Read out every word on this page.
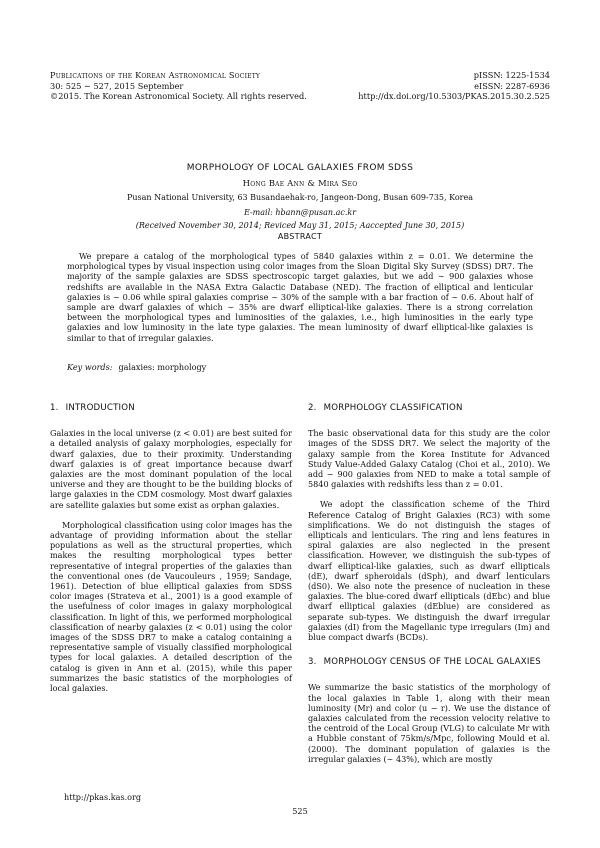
Publications of the Korean Astronomical Society
30: 525 ∼ 527, 2015 September
©2015. The Korean Astronomical Society. All rights reserved.
pISSN: 1225-1534
eISSN: 2287-6936
http://dx.doi.org/10.5303/PKAS.2015.30.2.525
MORPHOLOGY OF LOCAL GALAXIES FROM SDSS
Hong Bae Ann & Mira Seo
Pusan National University, 63 Busandaehak-ro, Jangeon-Dong, Busan 609-735, Korea
E-mail: hbann@pusan.ac.kr
(Received November 30, 2014; Reviced May 31, 2015; Aaccepted June 30, 2015)
ABSTRACT
We prepare a catalog of the morphological types of 5840 galaxies within z = 0.01. We determine the morphological types by visual inspection using color images from the Sloan Digital Sky Survey (SDSS) DR7. The majority of the sample galaxies are SDSS spectroscopic target galaxies, but we add ∼ 900 galaxies whose redshifts are available in the NASA Extra Galactic Database (NED). The fraction of elliptical and lenticular galaxies is ∼ 0.06 while spiral galaxies comprise ∼ 30% of the sample with a bar fraction of ∼ 0.6. About half of sample are dwarf galaxies of which ∼ 35% are dwarf elliptical-like galaxies. There is a strong correlation between the morphological types and luminosities of the galaxies, i.e., high luminosities in the early type galaxies and low luminosity in the late type galaxies. The mean luminosity of dwarf elliptical-like galaxies is similar to that of irregular galaxies.
Key words: galaxies: morphology
1. INTRODUCTION

Galaxies in the local universe (z < 0.01) are best suited for a detailed analysis of galaxy morphologies, especially for dwarf galaxies, due to their proximity. Understanding dwarf galaxies is of great importance because dwarf galaxies are the most dominant population of the local universe and they are thought to be the building blocks of large galaxies in the CDM cosmology. Most dwarf galaxies are satellite galaxies but some exist as orphan galaxies.

Morphological classification using color images has the advantage of providing information about the stellar populations as well as the structural properties, which makes the resulting morphological types better representative of integral properties of the galaxies than the conventional ones (de Vaucouleurs , 1959; Sandage, 1961). Detection of blue elliptical galaxies from SDSS color images (Strateva et al., 2001) is a good example of the usefulness of color images in galaxy morphological classification. In light of this, we performed morphological classification of nearby galaxies (z < 0.01) using the color images of the SDSS DR7 to make a catalog containing a representative sample of visually classified morphological types for local galaxies. A detailed description of the catalog is given in Ann et al. (2015), while this paper summarizes the basic statistics of the morphologies of local galaxies.

2. MORPHOLOGY CLASSIFICATION

The basic observational data for this study are the color images of the SDSS DR7. We select the majority of the galaxy sample from the Korea Institute for Advanced Study Value-Added Galaxy Catalog (Choi et al., 2010). We add ∼ 900 galaxies from NED to make a total sample of 5840 galaxies with redshifts less than z = 0.01.

We adopt the classification scheme of the Third Reference Catalog of Bright Galaxies (RC3) with some simplifications. We do not distinguish the stages of ellipticals and lenticulars. The ring and lens features in spiral galaxies are also neglected in the present classification. However, we distinguish the sub-types of dwarf elliptical-like galaxies, such as dwarf ellipticals (dE), dwarf spheroidals (dSph), and dwarf lenticulars (dS0). We also note the presence of nucleation in these galaxies. The blue-cored dwarf ellipticals (dEbc) and blue dwarf elliptical galaxies (dEblue) are considered as separate sub-types. We distinguish the dwarf irregular galaxies (dI) from the Magellanic type irregulars (Im) and blue compact dwarfs (BCDs).

3. MORPHOLOGY CENSUS OF THE LOCAL GALAXIES

We summarize the basic statistics of the morphology of the local galaxies in Table 1, along with their mean luminosity (Mr) and color (u − r). We use the distance of galaxies calculated from the recession velocity relative to the centroid of the Local Group (VLG) to calculate Mr with a Hubble constant of 75km/s/Mpc, following Mould et al. (2000). The dominant population of galaxies is the irregular galaxies (∼ 43%), which are mostly

http://pkas.kas.org
525
